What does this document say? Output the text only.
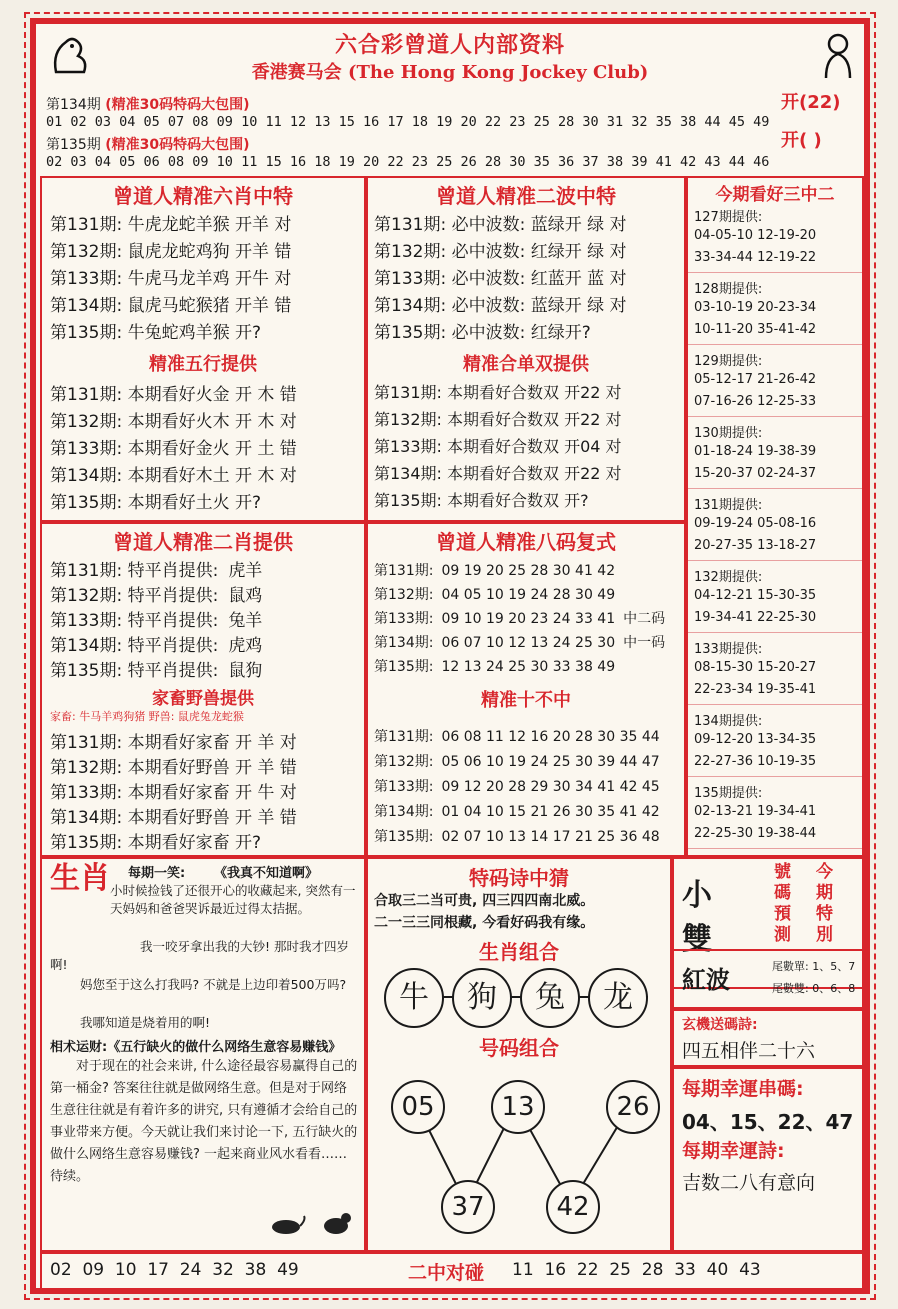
六合彩曾道人内部资料
香港赛马会 (The Hong Kong Jockey Club)
第134期 (精准30码特码大包围)	开(22)
01 02 03 04 05 07 08 09 10 11 12 13 15 16 17 18 19 20 22 23 25 28 30 31 32 35 38 44 45 49
第135期 (精准30码特码大包围)	开( )
02 03 04 05 06 08 09 10 11 15 16 18 19 20 22 23 25 26 28 30 35 36 37 38 39 41 42 43 44 46
曾道人精准六肖中特
精准五行提供
曾道人精准二波中特
精准合单双提供
曾道人精准二肖提供
家畜野兽提供
家畜: 牛马羊鸡狗猪 野兽: 鼠虎兔龙蛇猴
曾道人精准八码复式
精准十不中
今期看好三中二
生肖 每期一笑: 《我真不知道啊》
小时候捡钱了还很开心的收藏起来, 突然有一天妈妈和爸爸哭诉最近过得太拮据。
我一咬牙拿出我的大钞! 那时我才四岁啊!
妈您至于这么打我吗? 不就是上边印着500万吗?
我哪知道是烧着用的啊!
相术运财:《五行缺火的做什么网络生意容易赚钱》
对于现在的社会来讲, 什么途径最容易赢得自己的第一桶金? 答案往往就是做网络生意。但是对于网络生意往往就是有着许多的讲究, 只有遵循才会给自己的事业带来方便。今天就让我们来讨论一下, 五行缺火的做什么网络生意容易赚钱? 一起来商业风水看看……待续。
特码诗中猜
合取三二当可贵, 四三四四南北威。
二一三三同根藏, 今看好码我有缘。
生肖组合
牛	狗	兔	龙
号码组合
05	13	26
37	42
小
雙
號
碼
預
測
今
期
特
別
紅波	尾數單: 1、5、7
尾數雙: 0、6、8
玄機送碼詩:
四五相伴二十六
每期幸運串碼:
04、15、22、47
每期幸運詩:
吉数二八有意向
02  09  10  17  24  32  38  49	二中对碰 11  16  22  25  28  33  40  43
第131期: 牛虎龙蛇羊猴 开羊 对
第131期: 本期看好火金 开 木 错
第131期: 必中波数: 蓝绿开 绿 对
第131期: 本期看好合数双 开22 对
第131期: 特平肖提供: 虎羊
第131期: 本期看好家畜 开 羊 对
第131期: 09 19 20 25 28 30 41 42
第131期: 06 08 11 12 16 20 28 30 35 44
第132期: 鼠虎龙蛇鸡狗 开羊 错
第132期: 本期看好火木 开 木 对
第132期: 必中波数: 红绿开 绿 对
第132期: 本期看好合数双 开22 对
第132期: 特平肖提供: 鼠鸡
第132期: 本期看好野兽 开 羊 错
第132期: 04 05 10 19 24 28 30 49
第132期: 05 06 10 19 24 25 30 39 44 47
第133期: 牛虎马龙羊鸡 开牛 对
第133期: 本期看好金火 开 土 错
第133期: 必中波数: 红蓝开 蓝 对
第133期: 本期看好合数双 开04 对
第133期: 特平肖提供: 兔羊
第133期: 本期看好家畜 开 牛 对
第133期: 09 10 19 20 23 24 33 41 中二码
第133期: 09 12 20 28 29 30 34 41 42 45
第134期: 鼠虎马蛇猴猪 开羊 错
第134期: 本期看好木土 开 木 对
第134期: 必中波数: 蓝绿开 绿 对
第134期: 本期看好合数双 开22 对
第134期: 特平肖提供: 虎鸡
第134期: 本期看好野兽 开 羊 错
第134期: 06 07 10 12 13 24 25 30 中一码
第134期: 01 04 10 15 21 26 30 35 41 42
第135期: 牛兔蛇鸡羊猴 开?
第135期: 本期看好土火 开?
第135期: 必中波数: 红绿开?
第135期: 本期看好合数双 开?
第135期: 特平肖提供: 鼠狗
第135期: 本期看好家畜 开?
第135期: 12 13 24 25 30 33 38 49
第135期: 02 07 10 13 14 17 21 25 36 48
127期提供:
04-05-10 12-19-20
33-34-44 12-19-22
128期提供:
03-10-19 20-23-34
10-11-20 35-41-42
129期提供:
05-12-17 21-26-42
07-16-26 12-25-33
130期提供:
01-18-24 19-38-39
15-20-37 02-24-37
131期提供:
09-19-24 05-08-16
20-27-35 13-18-27
132期提供:
04-12-21 15-30-35
19-34-41 22-25-30
133期提供:
08-15-30 15-20-27
22-23-34 19-35-41
134期提供:
09-12-20 13-34-35
22-27-36 10-19-35
135期提供:
02-13-21 19-34-41
22-25-30 19-38-44
